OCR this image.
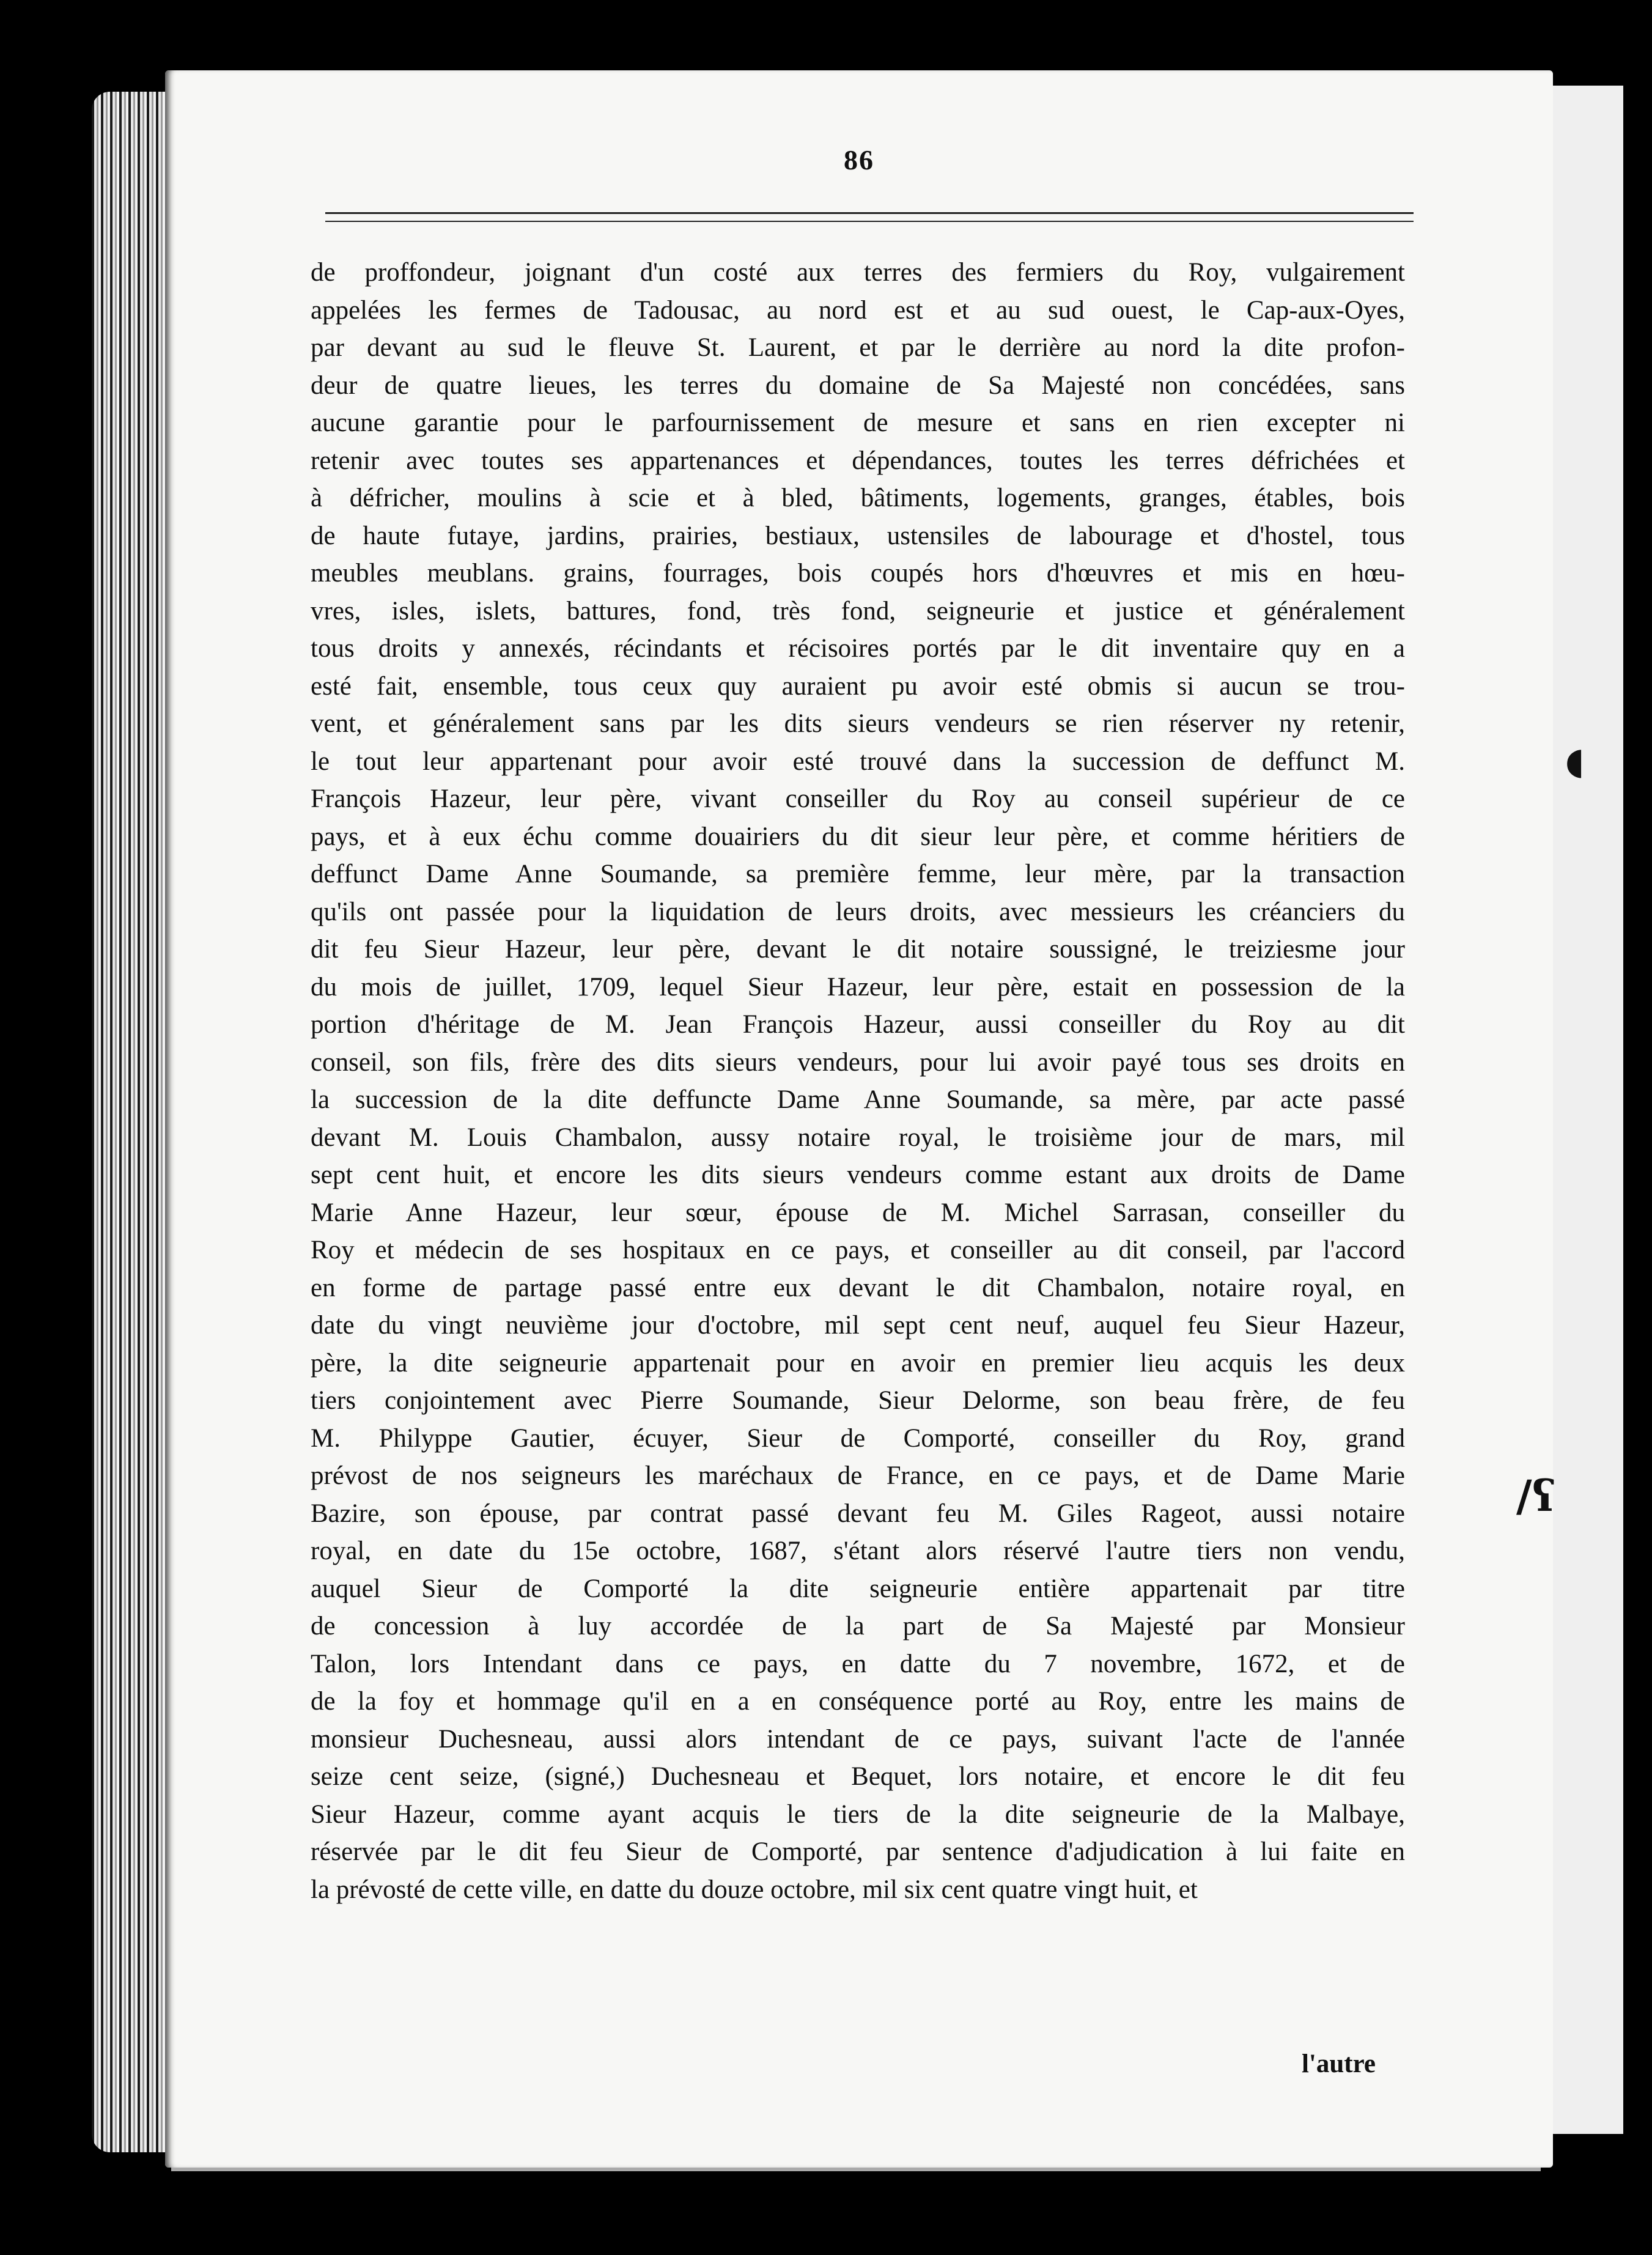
86
de proffondeur, joignant d'un costé aux terres des fermiers du Roy, vulgairement
appelées les fermes de Tadousac, au nord est et au sud ouest, le Cap-aux-Oyes,
par devant au sud le fleuve St. Laurent, et par le derrière au nord la dite profon-
deur de quatre lieues, les terres du domaine de Sa Majesté non concédées, sans
aucune garantie pour le parfournissement de mesure et sans en rien excepter ni
retenir avec toutes ses appartenances et dépendances, toutes les terres défrichées et
à défricher, moulins à scie et à bled, bâtiments, logements, granges, étables, bois
de haute futaye, jardins, prairies, bestiaux, ustensiles de labourage et d'hostel, tous
meubles meublans. grains, fourrages, bois coupés hors d'hœuvres et mis en hœu-
vres, isles, islets, battures, fond, très fond, seigneurie et justice et généralement
tous droits y annexés, récindants et récisoires portés par le dit inventaire quy en a
esté fait, ensemble, tous ceux quy auraient pu avoir esté obmis si aucun se trou-
vent, et généralement sans par les dits sieurs vendeurs se rien réserver ny retenir,
le tout leur appartenant pour avoir esté trouvé dans la succession de deffunct M.
François Hazeur, leur père, vivant conseiller du Roy au conseil supérieur de ce
pays, et à eux échu comme douairiers du dit sieur leur père, et comme héritiers de
deffunct Dame Anne Soumande, sa première femme, leur mère, par la transaction
qu'ils ont passée pour la liquidation de leurs droits, avec messieurs les créanciers du
dit feu Sieur Hazeur, leur père, devant le dit notaire soussigné, le treiziesme jour
du mois de juillet, 1709, lequel Sieur Hazeur, leur père, estait en possession de la
portion d'héritage de M. Jean François Hazeur, aussi conseiller du Roy au dit
conseil, son fils, frère des dits sieurs vendeurs, pour lui avoir payé tous ses droits en
la succession de la dite deffuncte Dame Anne Soumande, sa mère, par acte passé
devant M. Louis Chambalon, aussy notaire royal, le troisième jour de mars, mil
sept cent huit, et encore les dits sieurs vendeurs comme estant aux droits de Dame
Marie Anne Hazeur, leur sœur, épouse de M. Michel Sarrasan, conseiller du
Roy et médecin de ses hospitaux en ce pays, et conseiller au dit conseil, par l'accord
en forme de partage passé entre eux devant le dit Chambalon, notaire royal, en
date du vingt neuvième jour d'octobre, mil sept cent neuf, auquel feu Sieur Hazeur,
père, la dite seigneurie appartenait pour en avoir en premier lieu acquis les deux
tiers conjointement avec Pierre Soumande, Sieur Delorme, son beau frère, de feu
M. Philyppe Gautier, écuyer, Sieur de Comporté, conseiller du Roy, grand
prévost de nos seigneurs les maréchaux de France, en ce pays, et de Dame Marie
Bazire, son épouse, par contrat passé devant feu M. Giles Rageot, aussi notaire
royal, en date du 15e octobre, 1687, s'étant alors réservé l'autre tiers non vendu,
auquel Sieur de Comporté la dite seigneurie entière appartenait par titre
de concession à luy accordée de la part de Sa Majesté par Monsieur
Talon, lors Intendant dans ce pays, en datte du 7 novembre, 1672, et de
de la foy et hommage qu'il en a en conséquence porté au Roy, entre les mains de
monsieur Duchesneau, aussi alors intendant de ce pays, suivant l'acte de l'année
seize cent seize, (signé,) Duchesneau et Bequet, lors notaire, et encore le dit feu
Sieur Hazeur, comme ayant acquis le tiers de la dite seigneurie de la Malbaye,
réservée par le dit feu Sieur de Comporté, par sentence d'adjudication à lui faite en
la prévosté de cette ville, en datte du douze octobre, mil six cent quatre vingt huit, et
l'autre
◖
/ʕ
